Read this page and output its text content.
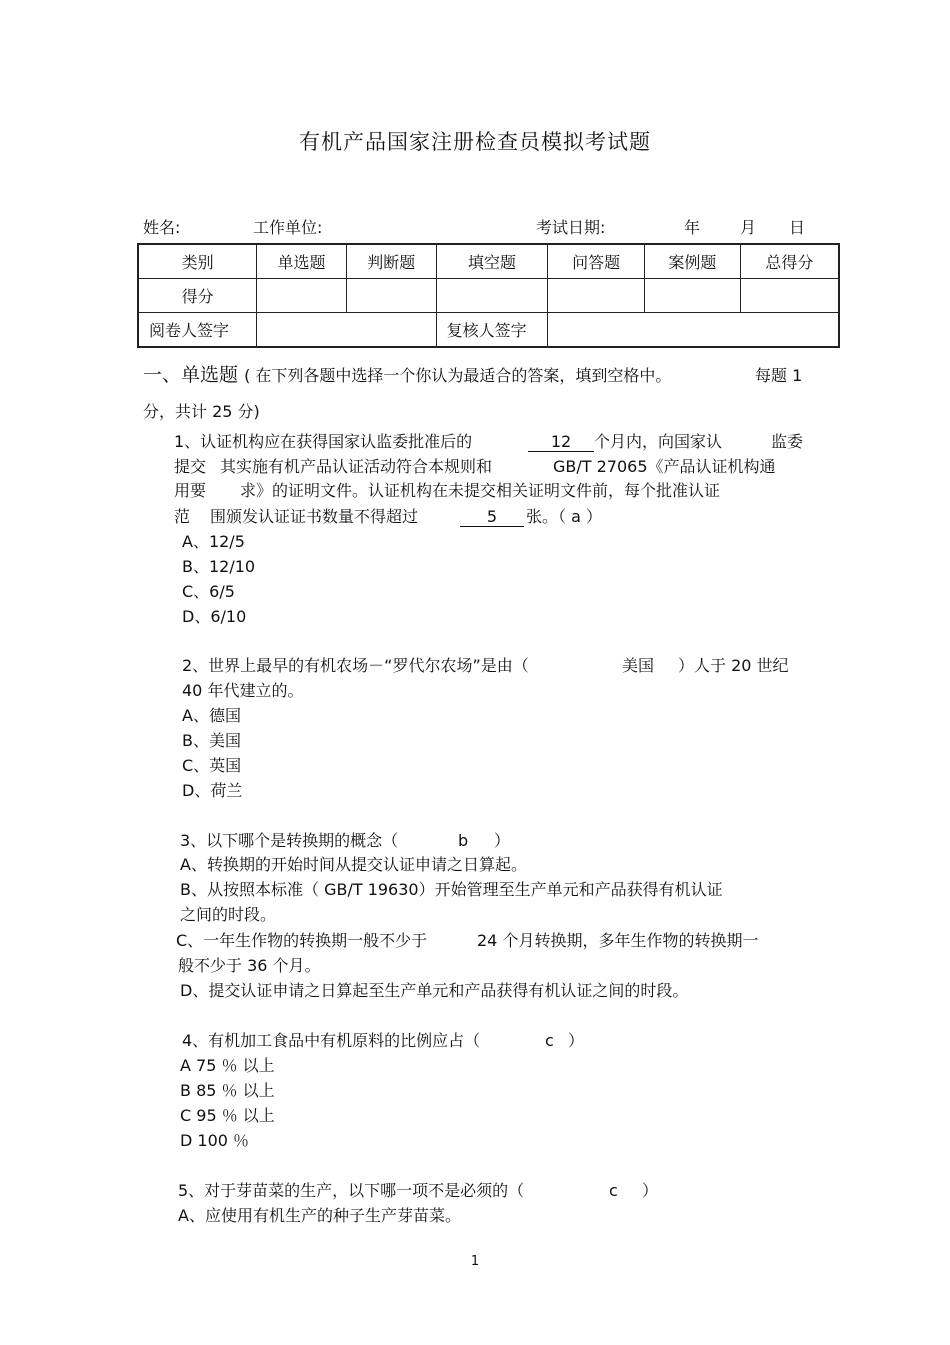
有机产品国家注册检查员模拟考试题
姓名:	工作单位:	考试日期:	年 月 日
类别	单选题	判断题	填空题	问答题	案例题	总得分
得分						
阅卷人签字			复核人签字			
一、单选题 ( 在下列各题中选择一个你认为最适合的答案，填到空格中。	每题 1
分，共计 25 分)
1、认证机构应在获得国家认监委批准后的	12	个月内，向国家认	监委
提交 其实施有机产品认证活动符合本规则和	GB/T 27065《产品认证机构通
用要 求》的证明文件。认证机构在未提交相关证明文件前，每个批准认证
范 围颁发认证证书数量不得超过	5	张。（ a ）
A、12/5
B、12/10
C、6/5
D、6/10
2、世界上最早的有机农场－“罗代尔农场”是由（	美国 ）人于 20 世纪
40 年代建立的。
A、德国
B、美国
C、英国
D、荷兰
3、以下哪个是转换期的概念（	b ）
A、转换期的开始时间从提交认证申请之日算起。
B、从按照本标准（ GB/T 19630）开始管理至生产单元和产品获得有机认证
之间的时段。
C、一年生作物的转换期一般不少于	24 个月转换期，多年生作物的转换期一
般不少于 36 个月。
D、提交认证申请之日算起至生产单元和产品获得有机认证之间的时段。
4、有机加工食品中有机原料的比例应占（	c ）
A 75 ％ 以上
B 85 ％ 以上
C 95 ％ 以上
D 100 ％
5、对于芽苗菜的生产，以下哪一项不是必须的（	c ）
A、应使用有机生产的种子生产芽苗菜。
1
